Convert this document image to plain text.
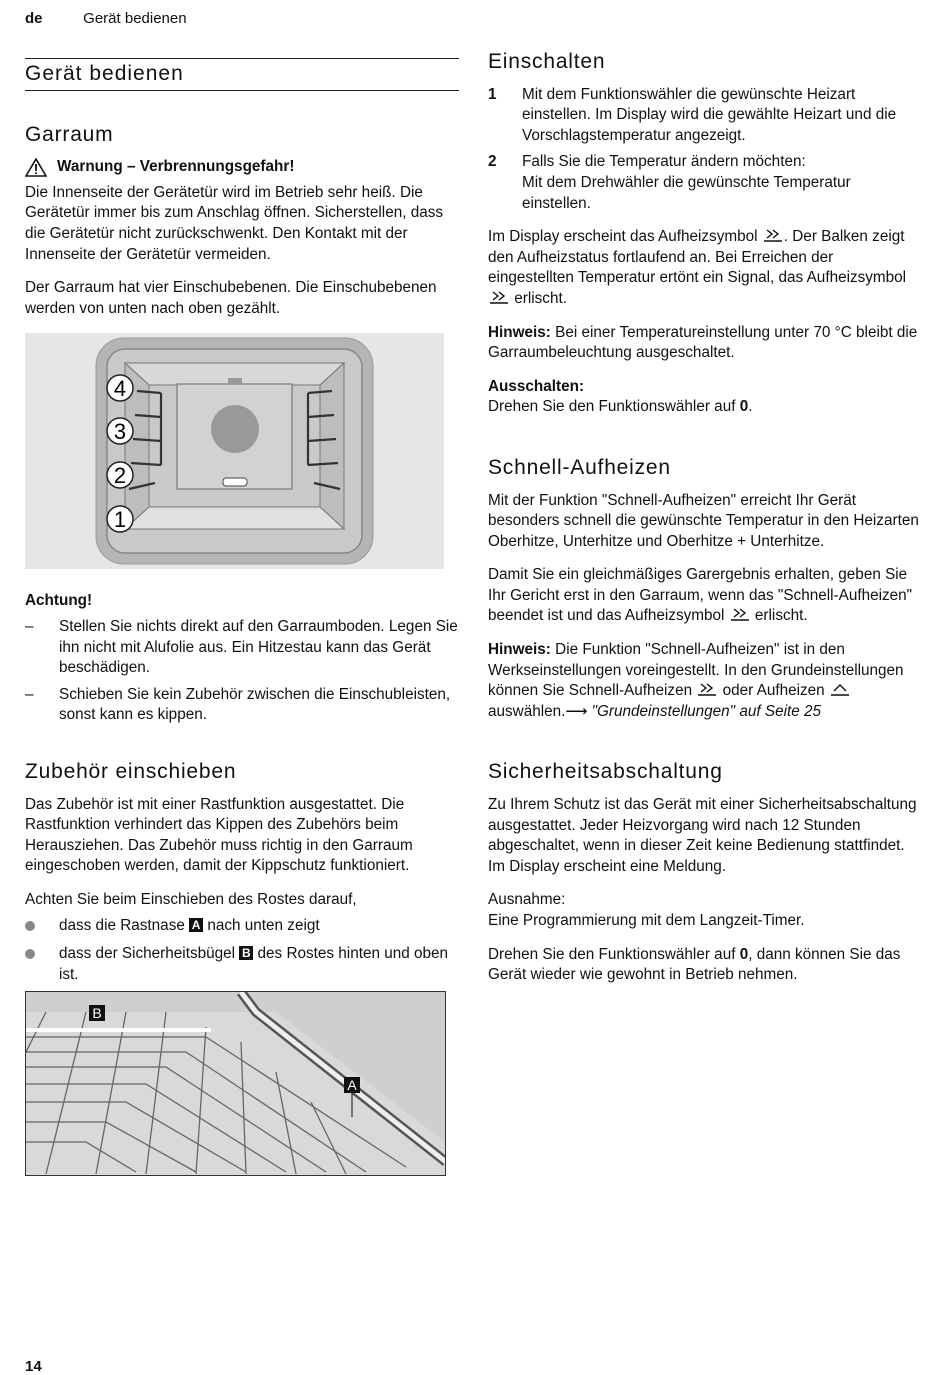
de	Gerät bedienen
Gerät bedienen
Garraum
Warnung – Verbrennungsgefahr!

Die Innenseite der Gerätetür wird im Betrieb sehr heiß. Die Gerätetür immer bis zum Anschlag öffnen. Sicherstellen, dass die Gerätetür nicht zurückschwenkt. Den Kontakt mit der Innenseite der Gerätetür vermeiden.

Der Garraum hat vier Einschubebenen. Die Einschubebenen werden von unten nach oben gezählt.

4
3
2
1
Achtung!
–	Stellen Sie nichts direkt auf den Garraumboden. Legen Sie ihn nicht mit Alufolie aus. Ein Hitzestau kann das Gerät beschädigen.
–	Schieben Sie kein Zubehör zwischen die Einschubleisten, sonst kann es kippen.
Zubehör einschieben

Das Zubehör ist mit einer Rastfunktion ausgestattet. Die Rastfunktion verhindert das Kippen des Zubehörs beim Herausziehen. Das Zubehör muss richtig in den Garraum eingeschoben werden, damit der Kippschutz funktioniert.

Achten Sie beim Einschieben des Rostes darauf,

dass die Rastnase A nach unten zeigt
dass der Sicherheitsbügel B des Rostes hinten und oben ist.
B
A
Einschalten
1	Mit dem Funktionswähler die gewünschte Heizart einstellen. Im Display wird die gewählte Heizart und die Vorschlagstemperatur angezeigt.
2	Falls Sie die Temperatur ändern möchten:
Mit dem Drehwähler die gewünschte Temperatur einstellen.

Im Display erscheint das Aufheizsymbol . Der Balken zeigt den Aufheizstatus fortlaufend an. Bei Erreichen der eingestellten Temperatur ertönt ein Signal, das Aufheizsymbol  erlischt.

Hinweis: Bei einer Temperatureinstellung unter 70 °C bleibt die Garraumbeleuchtung ausgeschaltet.

Ausschalten:

Drehen Sie den Funktionswähler auf 0.

Schnell-Aufheizen

Mit der Funktion "Schnell-Aufheizen" erreicht Ihr Gerät besonders schnell die gewünschte Temperatur in den Heizarten Oberhitze, Unterhitze und Oberhitze + Unterhitze.

Damit Sie ein gleichmäßiges Garergebnis erhalten, geben Sie Ihr Gericht erst in den Garraum, wenn das "Schnell-Aufheizen" beendet ist und das Aufheizsymbol erlischt.

Hinweis: Die Funktion "Schnell-Aufheizen" ist in den Werkseinstellungen voreingestellt. In den Grundeinstellungen können Sie Schnell-Aufheizen oder Aufheizen  auswählen.⟶ "Grundeinstellungen" auf Seite 25

Sicherheitsabschaltung

Zu Ihrem Schutz ist das Gerät mit einer Sicherheitsabschaltung ausgestattet. Jeder Heizvorgang wird nach 12 Stunden abgeschaltet, wenn in dieser Zeit keine Bedienung stattfindet. Im Display erscheint eine Meldung.

Ausnahme:
Eine Programmierung mit dem Langzeit-Timer.

Drehen Sie den Funktionswähler auf 0, dann können Sie das Gerät wieder wie gewohnt in Betrieb nehmen.

14
